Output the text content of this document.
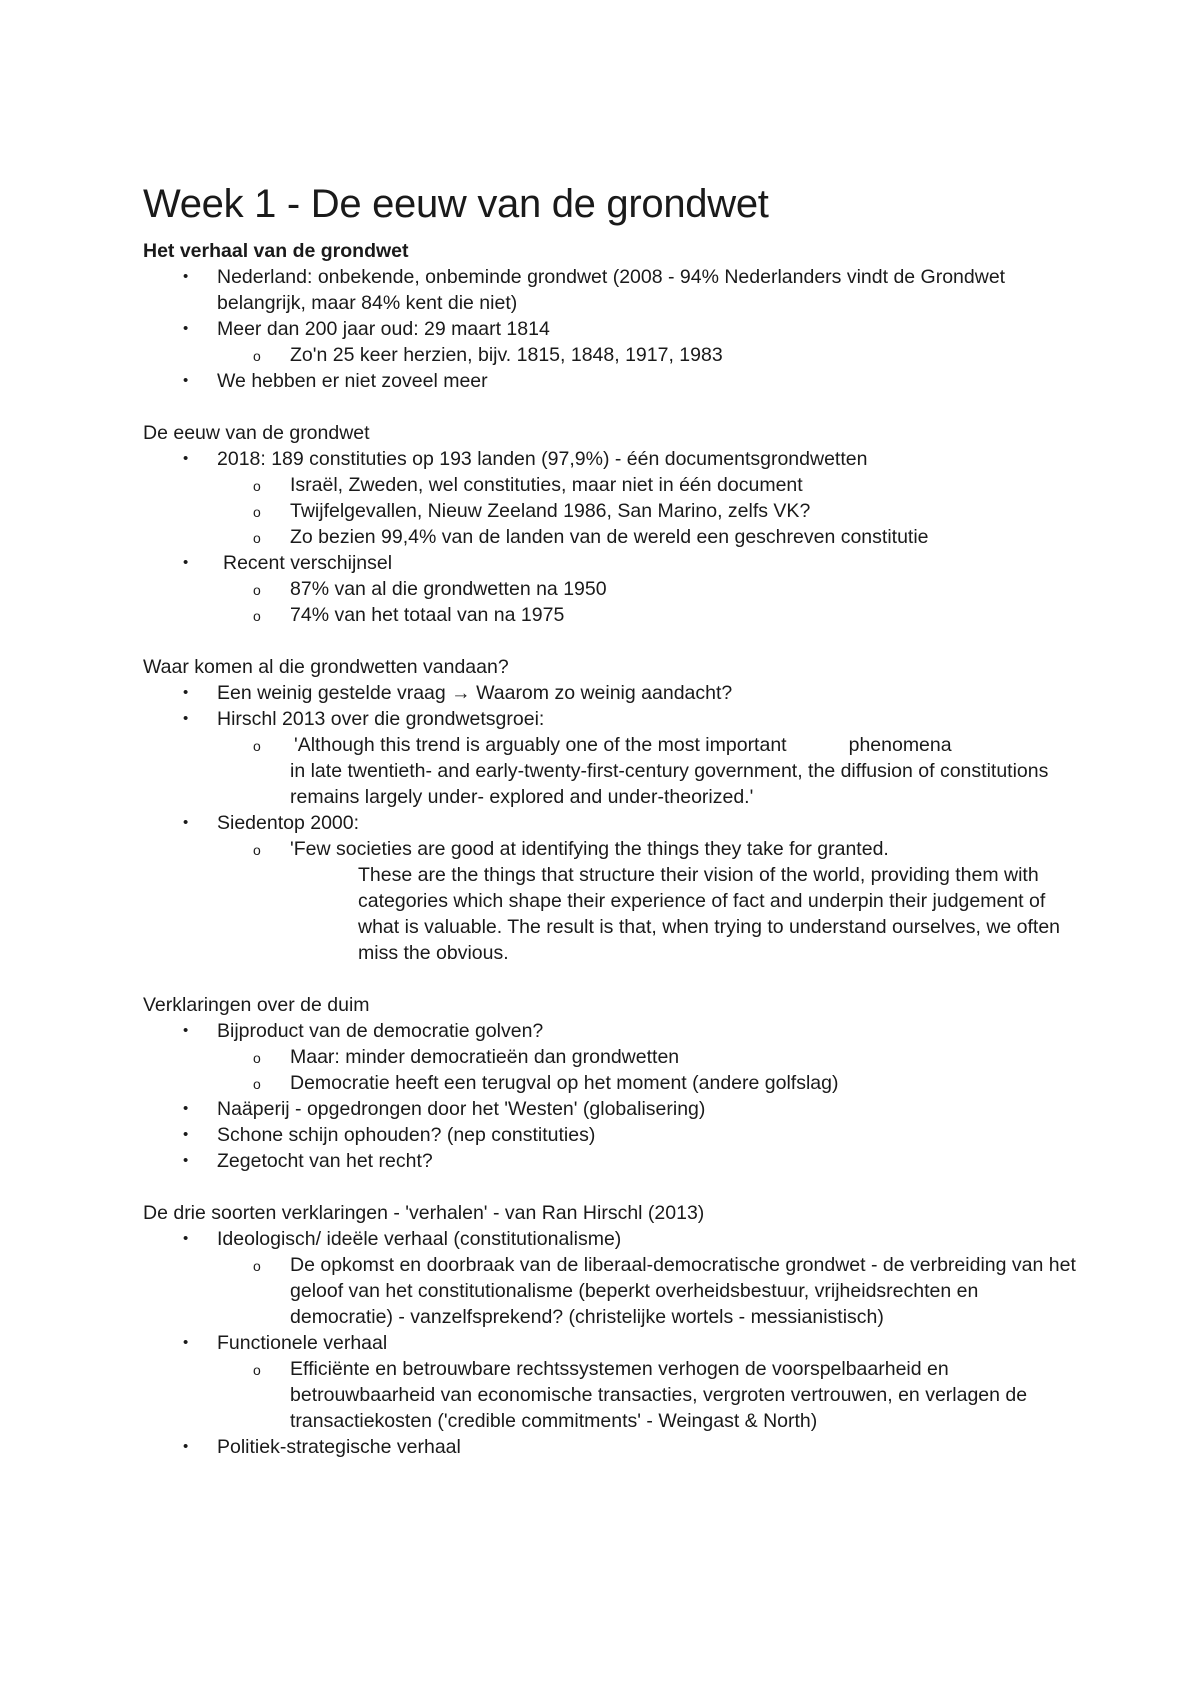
Week 1 - De eeuw van de grondwet

Het verhaal van de grondwet

• Nederland: onbekende, onbeminde grondwet (2008 - 94% Nederlanders vindt de Grondwet belangrijk, maar 84% kent die niet)
• Meer dan 200 jaar oud: 29 maart 1814
o Zo'n 25 keer herzien, bijv. 1815, 1848, 1917, 1983
• We hebben er niet zoveel meer

De eeuw van de grondwet

• 2018: 189 constituties op 193 landen (97,9%) - één documentsgrondwetten
o Israël, Zweden, wel constituties, maar niet in één document
o Twijfelgevallen, Nieuw Zeeland 1986, San Marino, zelfs VK?
o Zo bezien 99,4% van de landen van de wereld een geschreven constitutie
• Recent verschijnsel
o 87% van al die grondwetten na 1950
o 74% van het totaal van na 1975

Waar komen al die grondwetten vandaan?

• Een weinig gestelde vraag → Waarom zo weinig aandacht?
• Hirschl 2013 over die grondwetsgroei:
o 'Although this trend is arguably one of the most important	phenomena
in late twentieth- and early-twenty-first-century government, the diffusion of constitutions remains largely under- explored and under-theorized.'
• Siedentop 2000:
o 'Few societies are good at identifying the things they take for granted.
These are the things that structure their vision of the world, providing them with categories which shape their experience of fact and underpin their judgement of what is valuable. The result is that, when trying to understand ourselves, we often miss the obvious.

Verklaringen over de duim

• Bijproduct van de democratie golven?
o Maar: minder democratieën dan grondwetten
o Democratie heeft een terugval op het moment (andere golfslag)
• Naäperij - opgedrongen door het 'Westen' (globalisering)
• Schone schijn ophouden? (nep constituties)
• Zegetocht van het recht?

De drie soorten verklaringen - 'verhalen' - van Ran Hirschl (2013)

• Ideologisch/ ideële verhaal (constitutionalisme)
o De opkomst en doorbraak van de liberaal-democratische grondwet - de verbreiding van het geloof van het constitutionalisme (beperkt overheidsbestuur, vrijheidsrechten en democratie) - vanzelfsprekend? (christelijke wortels - messianistisch)
• Functionele verhaal
o Efficiënte en betrouwbare rechtssystemen verhogen de voorspelbaarheid en betrouwbaarheid van economische transacties, vergroten vertrouwen, en verlagen de transactiekosten ('credible commitments' - Weingast & North)
• Politiek-strategische verhaal
